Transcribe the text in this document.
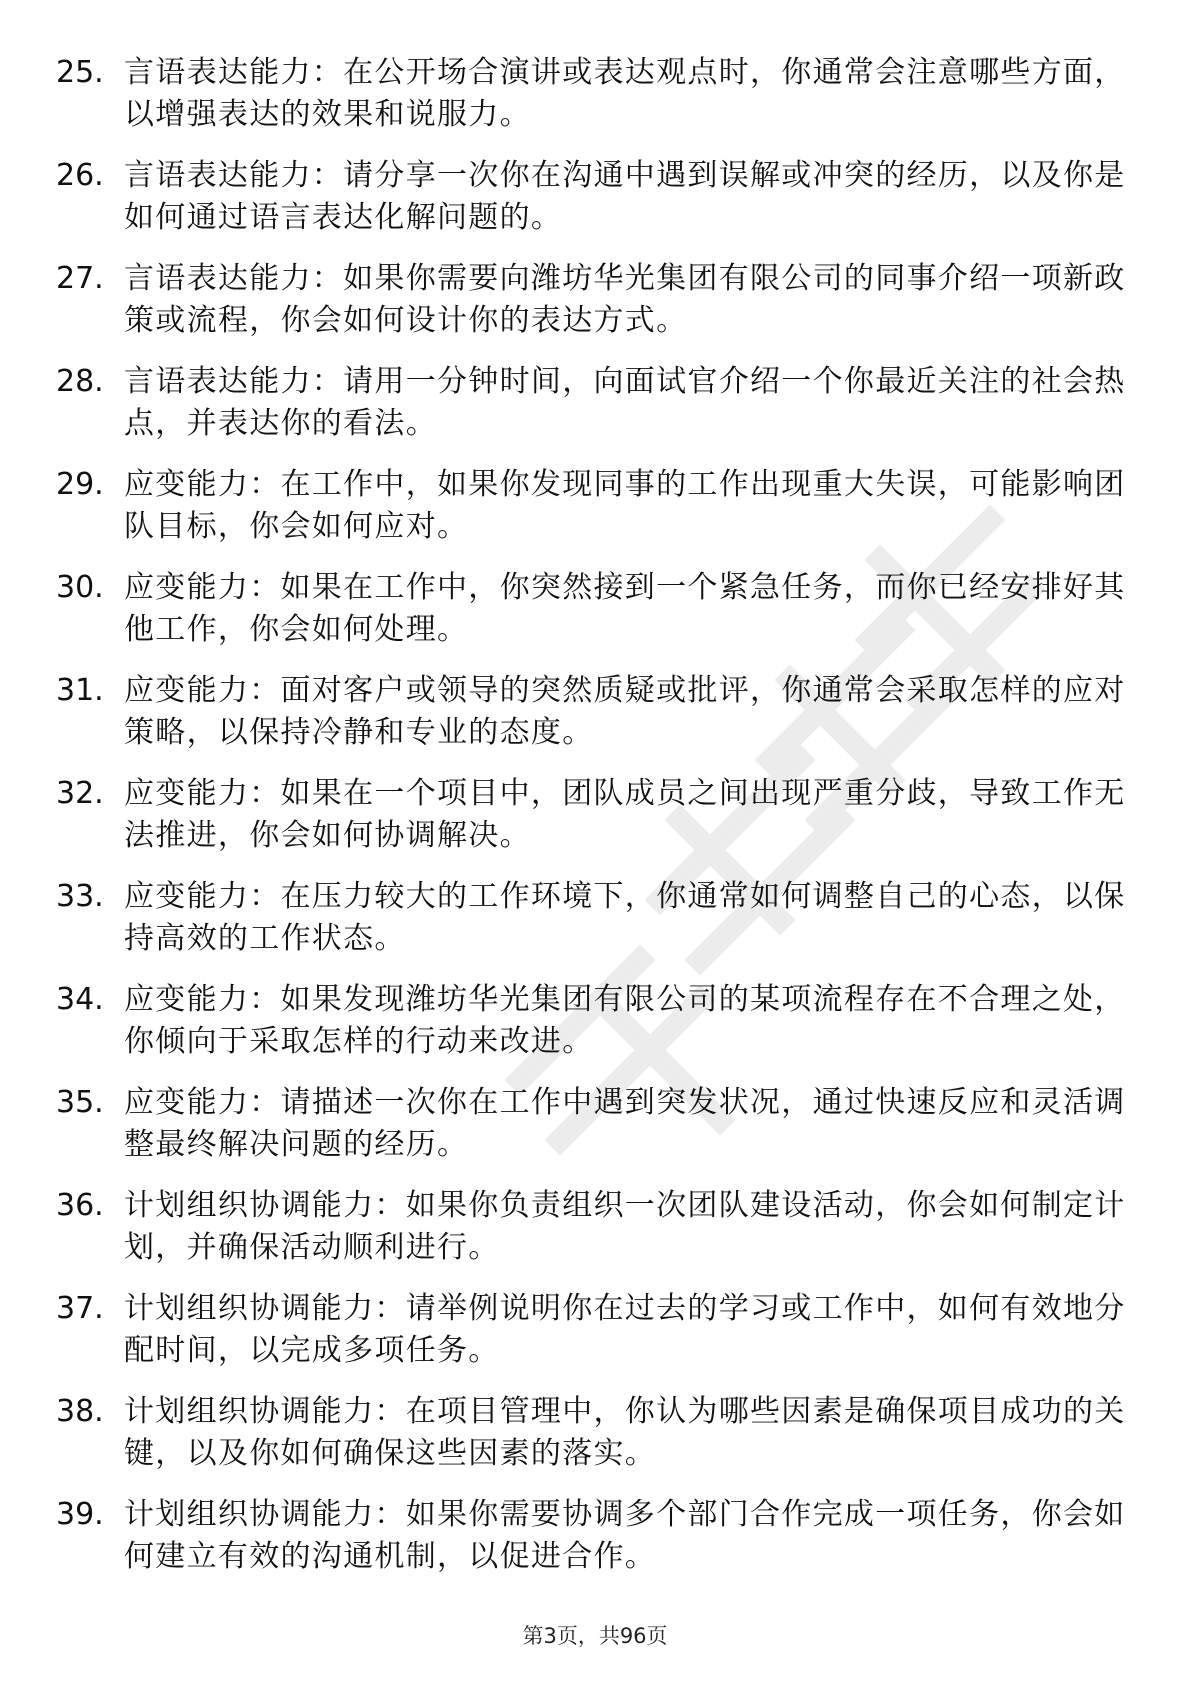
25. 言语表达能力：在公开场合演讲或表达观点时，你通常会注意哪些方面，以增强表达的效果和说服力。
26. 言语表达能力：请分享一次你在沟通中遇到误解或冲突的经历，以及你是如何通过语言表达化解问题的。
27. 言语表达能力：如果你需要向潍坊华光集团有限公司的同事介绍一项新政策或流程，你会如何设计你的表达方式。
28. 言语表达能力：请用一分钟时间，向面试官介绍一个你最近关注的社会热点，并表达你的看法。
29. 应变能力：在工作中，如果你发现同事的工作出现重大失误，可能影响团队目标，你会如何应对。
30. 应变能力：如果在工作中，你突然接到一个紧急任务，而你已经安排好其他工作，你会如何处理。
31. 应变能力：面对客户或领导的突然质疑或批评，你通常会采取怎样的应对策略，以保持冷静和专业的态度。
32. 应变能力：如果在一个项目中，团队成员之间出现严重分歧，导致工作无法推进，你会如何协调解决。
33. 应变能力：在压力较大的工作环境下，你通常如何调整自己的心态，以保持高效的工作状态。
34. 应变能力：如果发现潍坊华光集团有限公司的某项流程存在不合理之处，你倾向于采取怎样的行动来改进。
35. 应变能力：请描述一次你在工作中遇到突发状况，通过快速反应和灵活调整最终解决问题的经历。
36. 计划组织协调能力：如果你负责组织一次团队建设活动，你会如何制定计划，并确保活动顺利进行。
37. 计划组织协调能力：请举例说明你在过去的学习或工作中，如何有效地分配时间，以完成多项任务。
38. 计划组织协调能力：在项目管理中，你认为哪些因素是确保项目成功的关键，以及你如何确保这些因素的落实。
39. 计划组织协调能力：如果你需要协调多个部门合作完成一项任务，你会如何建立有效的沟通机制，以促进合作。
第3页，共96页
